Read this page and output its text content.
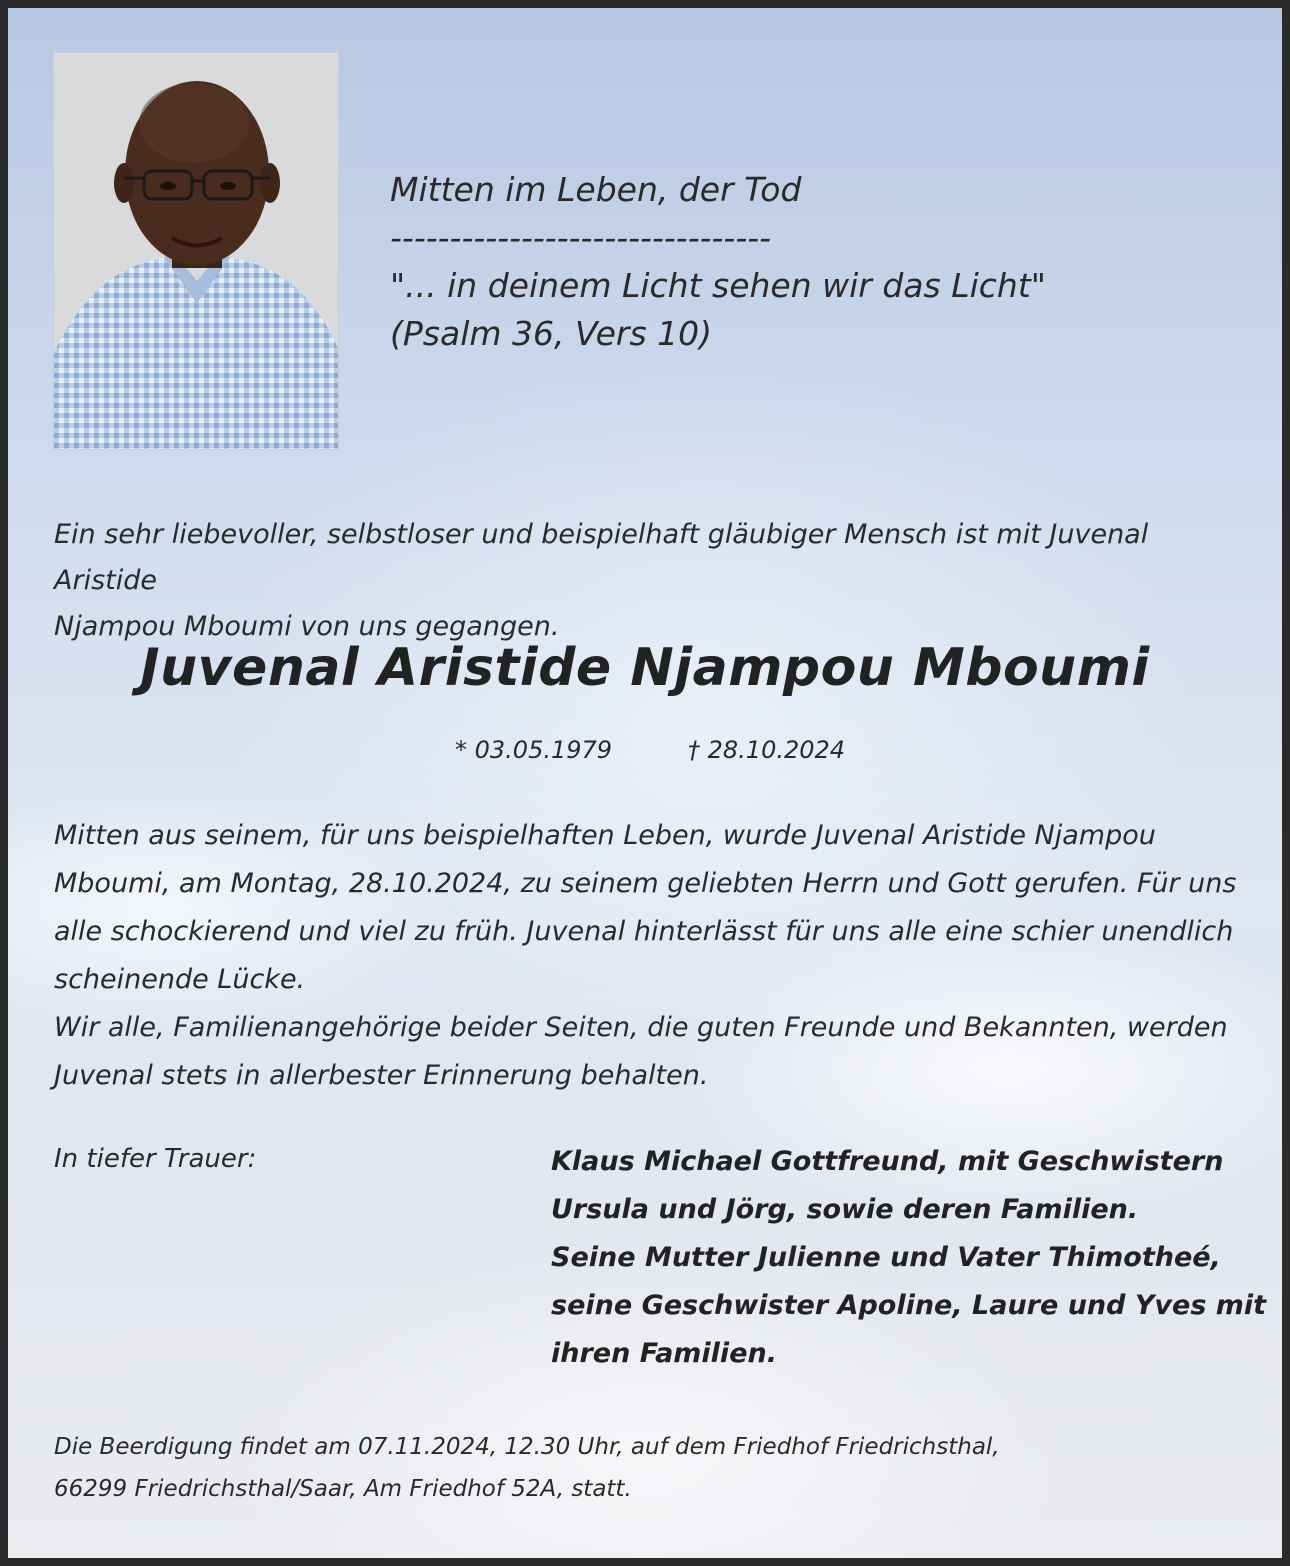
Mitten im Leben, der Tod
--------------------------------
"... in deinem Licht sehen wir das Licht"
(Psalm 36, Vers 10)
Ein sehr liebevoller, selbstloser und beispielhaft gläubiger Mensch ist mit Juvenal Aristide
Njampou Mboumi von uns gegangen.
Juvenal Aristide Njampou Mboumi
* 03.05.1979	† 28.10.2024
Mitten aus seinem, für uns beispielhaften Leben, wurde Juvenal Aristide Njampou
Mboumi, am Montag, 28.10.2024, zu seinem geliebten Herrn und Gott gerufen. Für uns
alle schockierend und viel zu früh. Juvenal hinterlässt für uns alle eine schier unendlich
scheinende Lücke.
Wir alle, Familienangehörige beider Seiten, die guten Freunde und Bekannten, werden
Juvenal stets in allerbester Erinnerung behalten.
In tiefer Trauer:	Klaus Michael Gottfreund, mit Geschwistern
Ursula und Jörg, sowie deren Familien.
Seine Mutter Julienne und Vater Thimotheé,
seine Geschwister Apoline, Laure und Yves mit
ihren Familien.
Die Beerdigung findet am 07.11.2024, 12.30 Uhr, auf dem Friedhof Friedrichsthal,
66299 Friedrichsthal/Saar, Am Friedhof 52A, statt.
